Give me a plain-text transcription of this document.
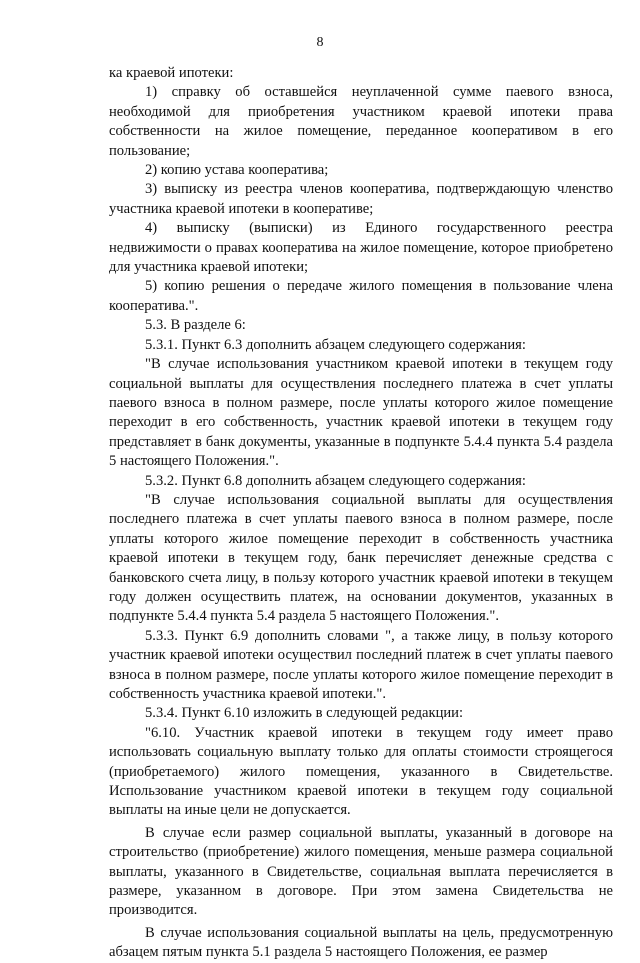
8

ка краевой ипотеки:

1) справку об оставшейся неуплаченной сумме паевого взноса, необходимой для приобретения участником краевой ипотеки права собственности на жилое помещение, переданное кооперативом в его пользование;

2) копию устава кооператива;

3) выписку из реестра членов кооператива, подтверждающую членство участника краевой ипотеки в кооперативе;

4) выписку (выписки) из Единого государственного реестра недвижимости о правах кооператива на жилое помещение, которое приобретено для участника краевой ипотеки;

5) копию решения о передаче жилого помещения в пользование члена кооператива.".

5.3. В разделе 6:

5.3.1. Пункт 6.3 дополнить абзацем следующего содержания:

"В случае использования участником краевой ипотеки в текущем году социальной выплаты для осуществления последнего платежа в счет уплаты паевого взноса в полном размере, после уплаты которого жилое помещение переходит в его собственность, участник краевой ипотеки в текущем году представляет в банк документы, указанные в подпункте 5.4.4 пункта 5.4 раздела 5 настоящего Положения.".

5.3.2. Пункт 6.8 дополнить абзацем следующего содержания:

"В случае использования социальной выплаты для осуществления последнего платежа в счет уплаты паевого взноса в полном размере, после уплаты которого жилое помещение переходит в собственность участника краевой ипотеки в текущем году, банк перечисляет денежные средства с банковского счета лицу, в пользу которого участник краевой ипотеки в текущем году должен осуществить платеж, на основании документов, указанных в подпункте 5.4.4 пункта 5.4 раздела 5 настоящего Положения.".

5.3.3. Пункт 6.9 дополнить словами ", а также лицу, в пользу которого участник краевой ипотеки осуществил последний платеж в счет уплаты паевого взноса в полном размере, после уплаты которого жилое помещение переходит в собственность участника краевой ипотеки.".

5.3.4. Пункт 6.10 изложить в следующей редакции:

"6.10. Участник краевой ипотеки в текущем году имеет право использовать социальную выплату только для оплаты стоимости строящегося (приобретаемого) жилого помещения, указанного в Свидетельстве. Использование участником краевой ипотеки в текущем году социальной выплаты на иные цели не допускается.

В случае если размер социальной выплаты, указанный в договоре на строительство (приобретение) жилого помещения, меньше размера социальной выплаты, указанного в Свидетельстве, социальная выплата перечисляется в размере, указанном в договоре. При этом замена Свидетельства не производится.

В случае использования социальной выплаты на цель, предусмотренную абзацем пятым пункта 5.1 раздела 5 настоящего Положения, ее размер
